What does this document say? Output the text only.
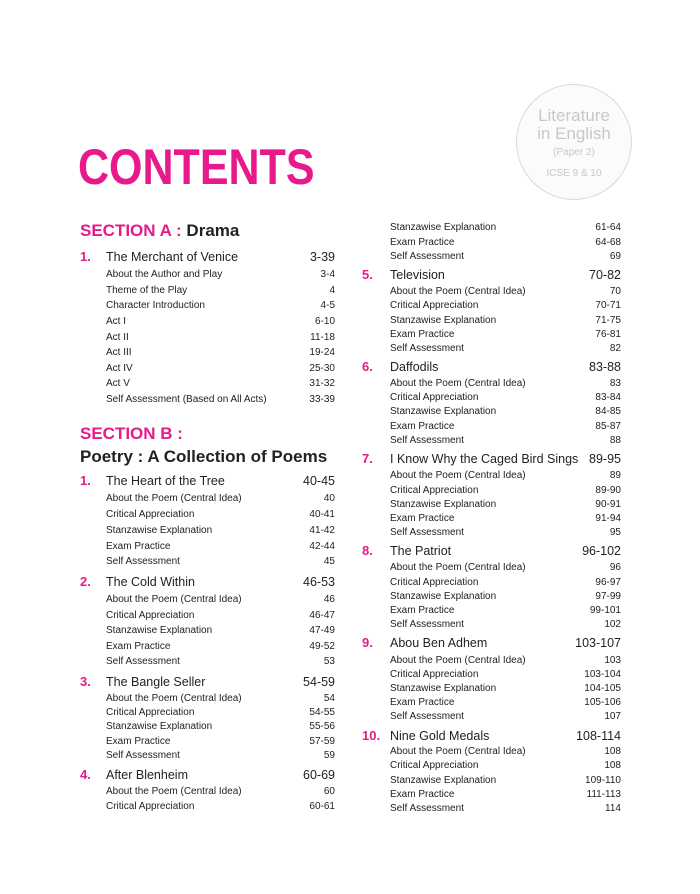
Literature
in English
(Paper 2)
ICSE 9 & 10
CONTENTS
SECTION A : Drama
SECTION B :
Poetry : A Collection of Poems
1. The Merchant of Venice	3-39
About the Author and Play	3-4
Theme of the Play	4
Character Introduction	4-5
Act I	6-10
Act II	11-18
Act III	19-24
Act IV	25-30
Act V	31-32
Self Assessment (Based on All Acts)	33-39
1. The Heart of the Tree	40-45
About the Poem (Central Idea)	40
Critical Appreciation	40-41
Stanzawise Explanation	41-42
Exam Practice	42-44
Self Assessment	45
2. The Cold Within	46-53
About the Poem (Central Idea)	46
Critical Appreciation	46-47
Stanzawise Explanation	47-49
Exam Practice	49-52
Self Assessment	53
3. The Bangle Seller	54-59
About the Poem (Central Idea)	54
Critical Appreciation	54-55
Stanzawise Explanation	55-56
Exam Practice	57-59
Self Assessment	59
4. After Blenheim	60-69
About the Poem (Central Idea)	60
Critical Appreciation	60-61
Stanzawise Explanation	61-64
Exam Practice	64-68
Self Assessment	69
5. Television	70-82
About the Poem (Central Idea)	70
Critical Appreciation	70-71
Stanzawise Explanation	71-75
Exam Practice	76-81
Self Assessment	82
6. Daffodils	83-88
About the Poem (Central Idea)	83
Critical Appreciation	83-84
Stanzawise Explanation	84-85
Exam Practice	85-87
Self Assessment	88
7. I Know Why the Caged Bird Sings 89-95
About the Poem (Central Idea)	89
Critical Appreciation	89-90
Stanzawise Explanation	90-91
Exam Practice	91-94
Self Assessment	95
8. The Patriot	96-102
About the Poem (Central Idea)	96
Critical Appreciation	96-97
Stanzawise Explanation	97-99
Exam Practice	99-101
Self Assessment	102
9. Abou Ben Adhem	103-107
About the Poem (Central Idea)	103
Critical Appreciation	103-104
Stanzawise Explanation	104-105
Exam Practice	105-106
Self Assessment	107
10. Nine Gold Medals	108-114
About the Poem (Central Idea)	108
Critical Appreciation	108
Stanzawise Explanation	109-110
Exam Practice	111-113
Self Assessment	114
